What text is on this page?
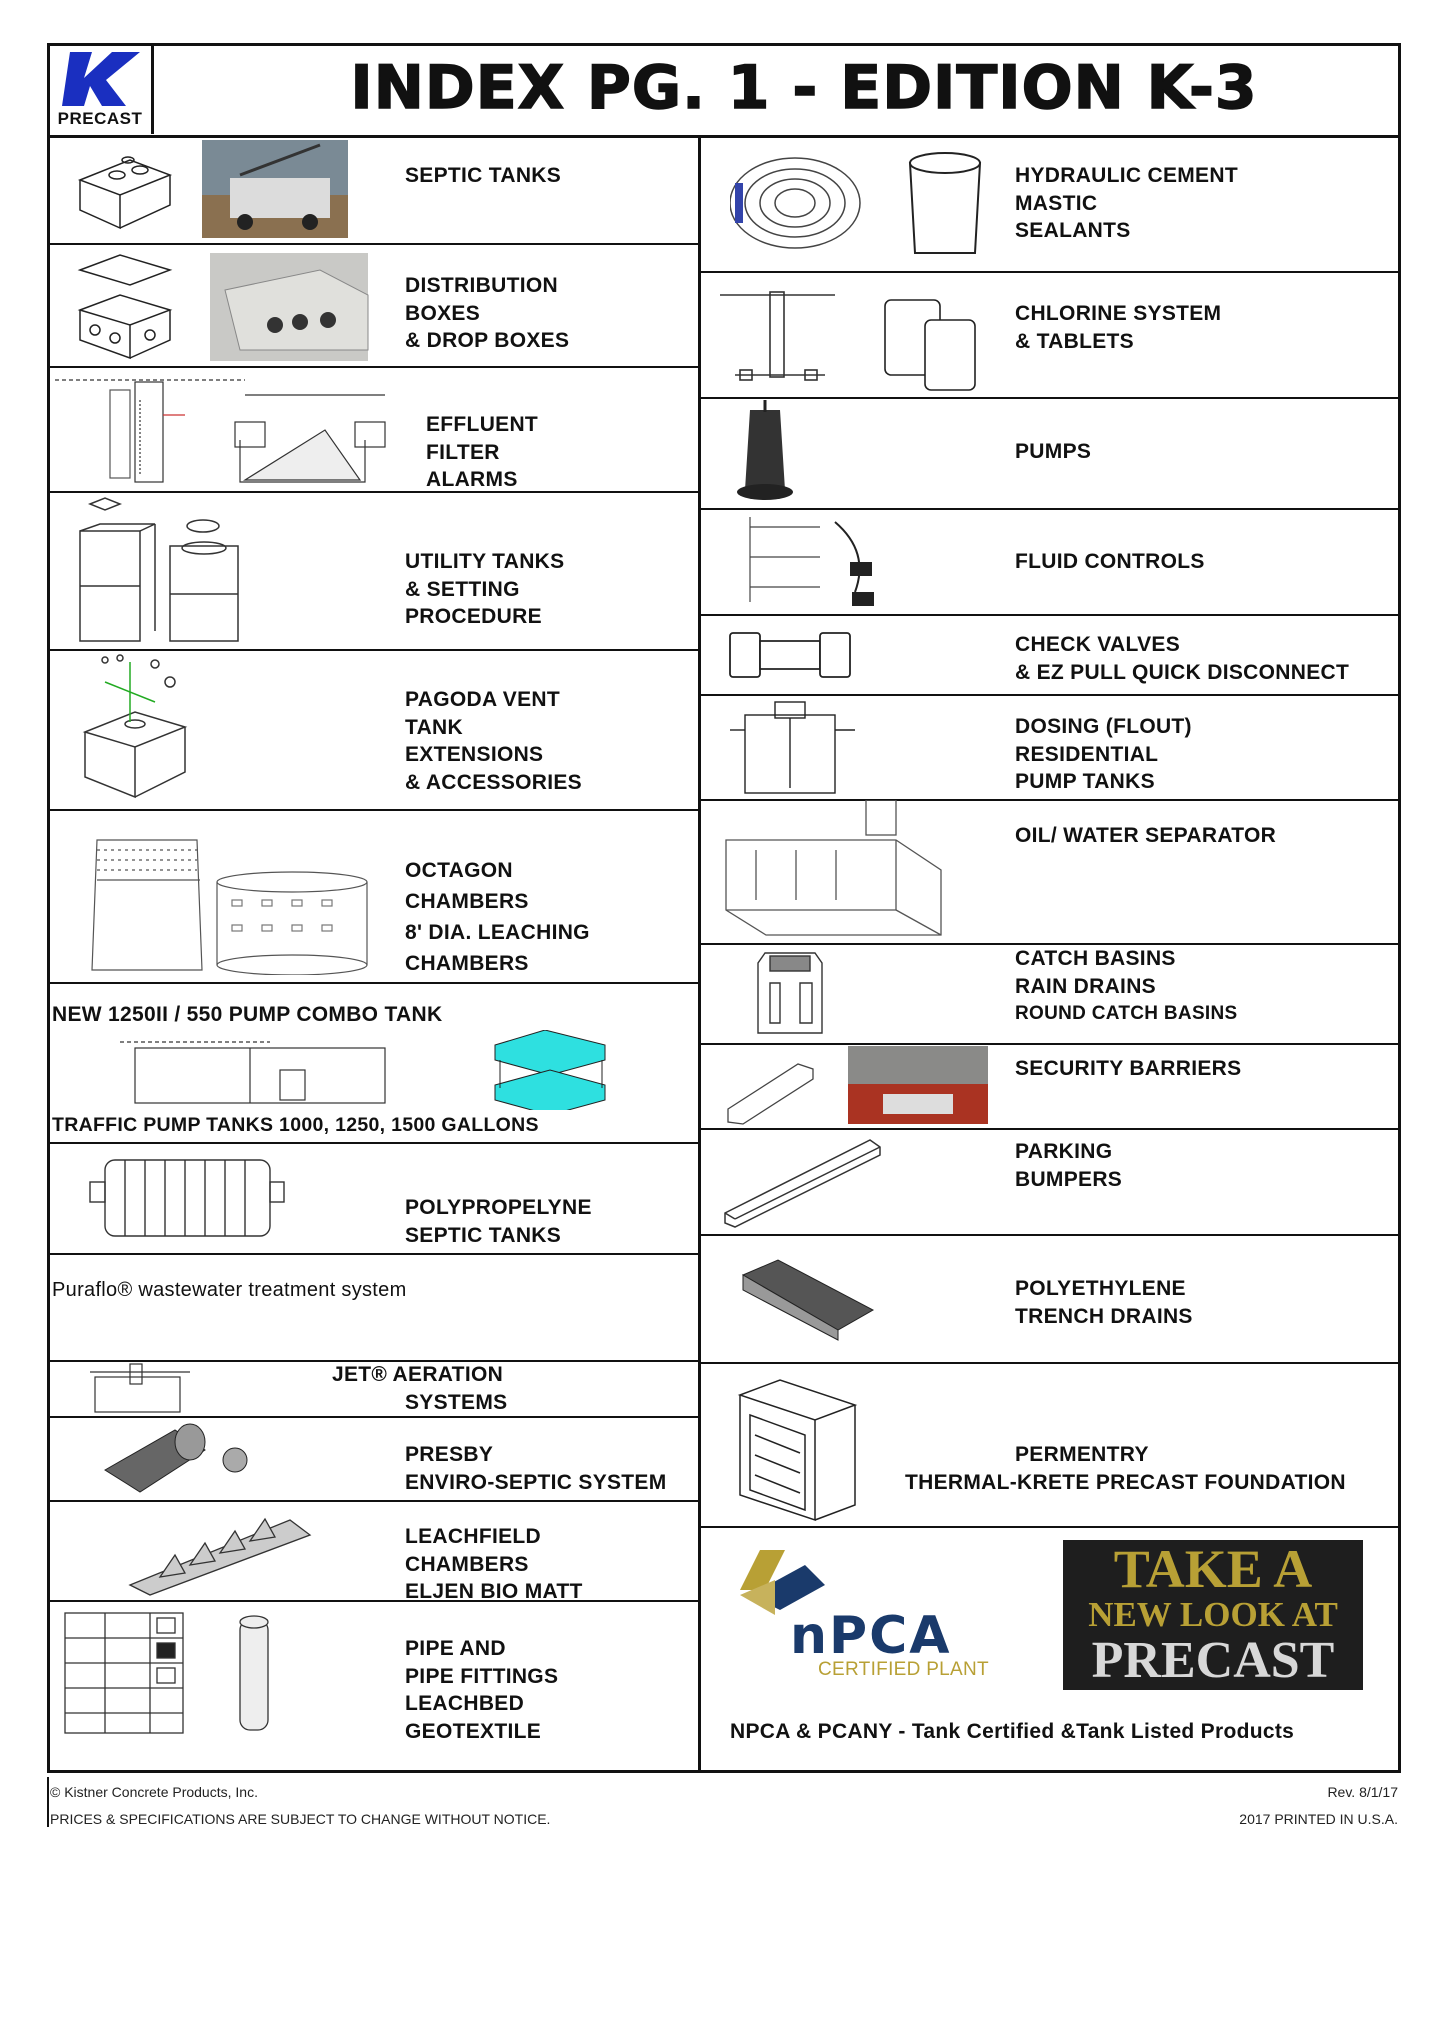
INDEX PG. 1 - EDITION K-3
PRECAST
SEPTIC TANKS
DISTRIBUTION
BOXES
& DROP BOXES
EFFLUENT
FILTER
ALARMS
UTILITY TANKS
& SETTING
PROCEDURE
PAGODA VENT
TANK
EXTENSIONS
& ACCESSORIES
OCTAGON
CHAMBERS
8' DIA. LEACHING
CHAMBERS
NEW 1250II / 550 PUMP COMBO TANK
TRAFFIC PUMP TANKS 1000, 1250, 1500 GALLONS
POLYPROPELYNE
SEPTIC TANKS
Puraflo® wastewater treatment system
JET® AERATION
SYSTEMS
PRESBY
ENVIRO-SEPTIC SYSTEM
LEACHFIELD
CHAMBERS
ELJEN BIO MATT
PIPE AND
PIPE FITTINGS
LEACHBED
GEOTEXTILE
HYDRAULIC CEMENT
MASTIC
SEALANTS
CHLORINE SYSTEM
& TABLETS
PUMPS
FLUID CONTROLS
CHECK VALVES
& EZ PULL QUICK DISCONNECT
DOSING (FLOUT)
RESIDENTIAL
PUMP TANKS
OIL/ WATER SEPARATOR
CATCH BASINS
RAIN DRAINS
ROUND CATCH BASINS
SECURITY BARRIERS
PARKING
BUMPERS
POLYETHYLENE
TRENCH DRAINS
PERMENTRY
THERMAL-KRETE PRECAST FOUNDATION
NPCA & PCANY - Tank Certified &Tank Listed Products
nPCA
CERTIFIED PLANT
TAKE A
NEW LOOK AT
PRECAST
© Kistner Concrete Products, Inc.	Rev. 8/1/17
PRICES & SPECIFICATIONS ARE SUBJECT TO CHANGE WITHOUT NOTICE.	2017 PRINTED IN U.S.A.
